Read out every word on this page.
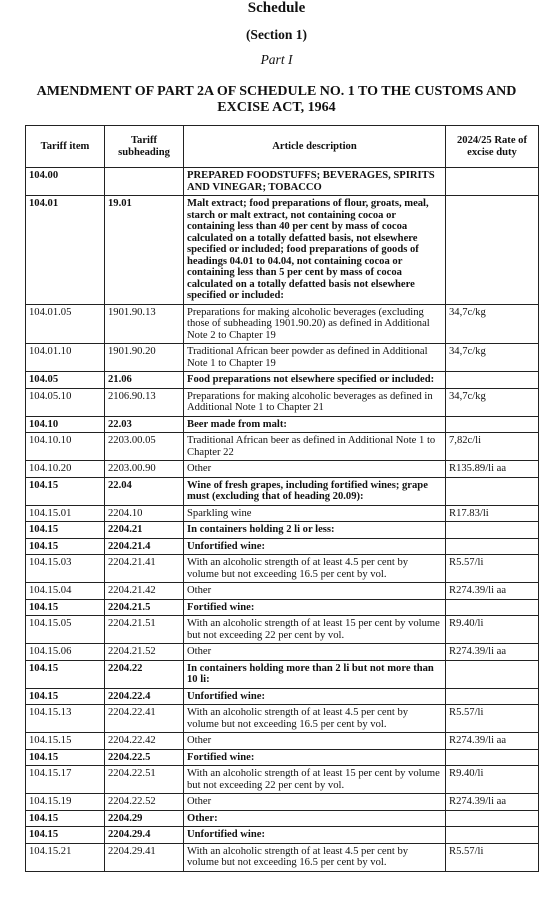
Schedule
(Section 1)
Part I
AMENDMENT OF PART 2A OF SCHEDULE NO. 1 TO THE CUSTOMS AND EXCISE ACT, 1964
Tariff item	Tariff subheading	Article description	2024/25 Rate of excise duty
104.00		PREPARED FOODSTUFFS; BEVERAGES, SPIRITS AND VINEGAR; TOBACCO	
104.01	19.01	Malt extract; food preparations of flour, groats, meal, starch or malt extract, not containing cocoa or containing less than 40 per cent by mass of cocoa calculated on a totally defatted basis, not elsewhere specified or included; food preparations of goods of headings 04.01 to 04.04, not containing cocoa or containing less than 5 per cent by mass of cocoa calculated on a totally defatted basis not elsewhere specified or included:	
104.01.05	1901.90.13	Preparations for making alcoholic beverages (excluding those of subheading 1901.90.20) as defined in Additional Note 2 to Chapter 19	34,7c/kg
104.01.10	1901.90.20	Traditional African beer powder as defined in Additional Note 1 to Chapter 19	34,7c/kg
104.05	21.06	Food preparations not elsewhere specified or included:	
104.05.10	2106.90.13	Preparations for making alcoholic beverages as defined in Additional Note 1 to Chapter 21	34,7c/kg
104.10	22.03	Beer made from malt:	
104.10.10	2203.00.05	Traditional African beer as defined in Additional Note 1 to Chapter 22	7,82c/li
104.10.20	2203.00.90	Other	R135.89/li aa
104.15	22.04	Wine of fresh grapes, including fortified wines; grape must (excluding that of heading 20.09):	
104.15.01	2204.10	Sparkling wine	R17.83/li
104.15	2204.21	In containers holding 2 li or less:	
104.15	2204.21.4	Unfortified wine:	
104.15.03	2204.21.41	With an alcoholic strength of at least 4.5 per cent by volume but not exceeding 16.5 per cent by vol.	R5.57/li
104.15.04	2204.21.42	Other	R274.39/li aa
104.15	2204.21.5	Fortified wine:	
104.15.05	2204.21.51	With an alcoholic strength of at least 15 per cent by volume but not exceeding 22 per cent by vol.	R9.40/li
104.15.06	2204.21.52	Other	R274.39/li aa
104.15	2204.22	In containers holding more than 2 li but not more than 10 li:	
104.15	2204.22.4	Unfortified wine:	
104.15.13	2204.22.41	With an alcoholic strength of at least 4.5 per cent by volume but not exceeding 16.5 per cent by vol.	R5.57/li
104.15.15	2204.22.42	Other	R274.39/li aa
104.15	2204.22.5	Fortified wine:	
104.15.17	2204.22.51	With an alcoholic strength of at least 15 per cent by volume but not exceeding 22 per cent by vol.	R9.40/li
104.15.19	2204.22.52	Other	R274.39/li aa
104.15	2204.29	Other:	
104.15	2204.29.4	Unfortified wine:	
104.15.21	2204.29.41	With an alcoholic strength of at least 4.5 per cent by volume but not exceeding 16.5 per cent by vol.	R5.57/li
